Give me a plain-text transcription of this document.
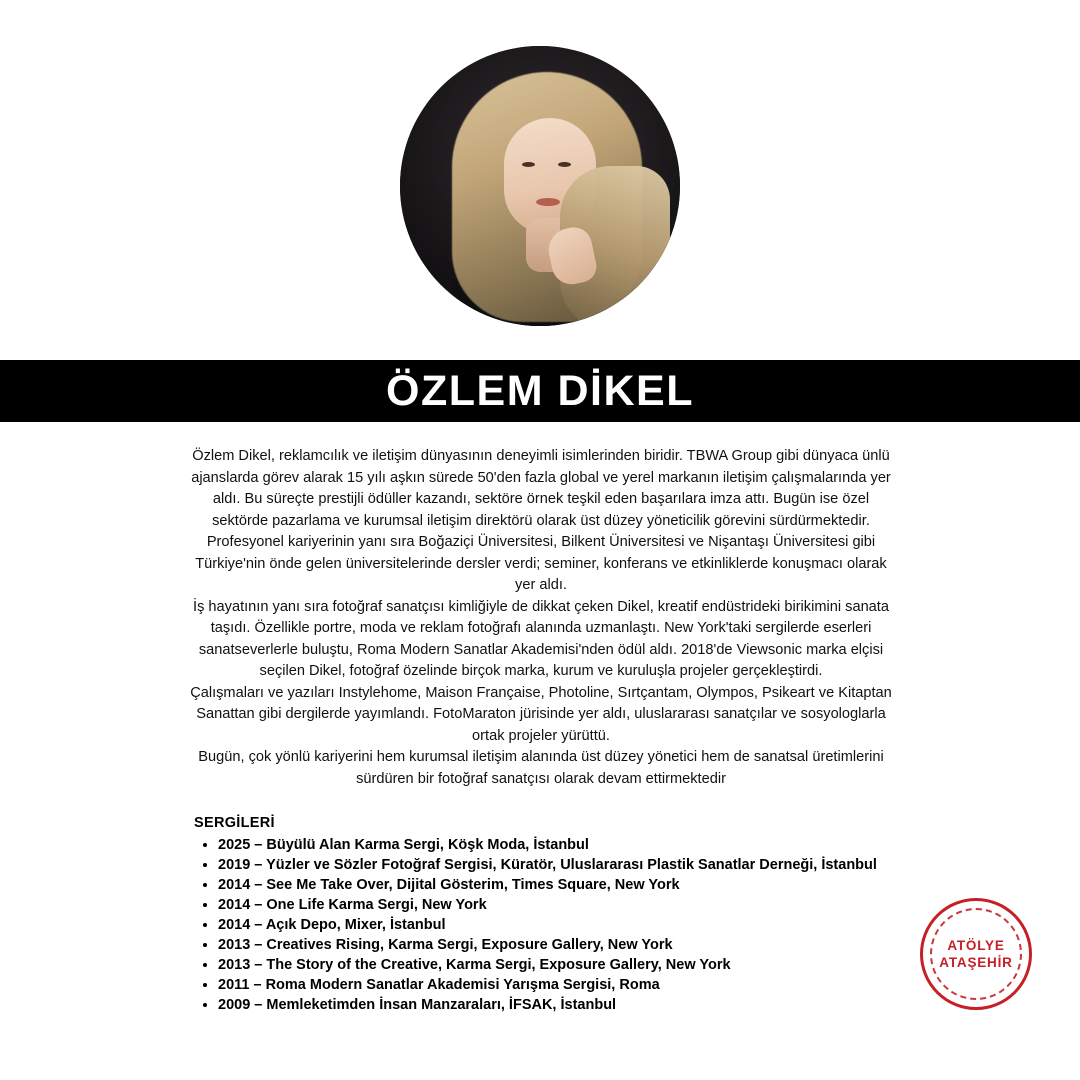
ÖZLEM DİKEL

Özlem Dikel, reklamcılık ve iletişim dünyasının deneyimli isimlerinden biridir. TBWA Group gibi dünyaca ünlü ajanslarda görev alarak 15 yılı aşkın sürede 50'den fazla global ve yerel markanın iletişim çalışmalarında yer aldı. Bu süreçte prestijli ödüller kazandı, sektöre örnek teşkil eden başarılara imza attı. Bugün ise özel sektörde pazarlama ve kurumsal iletişim direktörü olarak üst düzey yöneticilik görevini sürdürmektedir.

Profesyonel kariyerinin yanı sıra Boğaziçi Üniversitesi, Bilkent Üniversitesi ve Nişantaşı Üniversitesi gibi Türkiye'nin önde gelen üniversitelerinde dersler verdi; seminer, konferans ve etkinliklerde konuşmacı olarak yer aldı.

İş hayatının yanı sıra fotoğraf sanatçısı kimliğiyle de dikkat çeken Dikel, kreatif endüstrideki birikimini sanata taşıdı. Özellikle portre, moda ve reklam fotoğrafı alanında uzmanlaştı. New York'taki sergilerde eserleri sanatseverlerle buluştu, Roma Modern Sanatlar Akademisi'nden ödül aldı. 2018'de Viewsonic marka elçisi seçilen Dikel, fotoğraf özelinde birçok marka, kurum ve kuruluşla projeler gerçekleştirdi.

Çalışmaları ve yazıları Instylehome, Maison Française, Photoline, Sırtçantam, Olympos, Psikeart ve Kitaptan Sanattan gibi dergilerde yayımlandı. FotoMaraton jürisinde yer aldı, uluslararası sanatçılar ve sosyologlarla ortak projeler yürüttü.

Bugün, çok yönlü kariyerini hem kurumsal iletişim alanında üst düzey yönetici hem de sanatsal üretimlerini sürdüren bir fotoğraf sanatçısı olarak devam ettirmektedir

SERGİLERİ
• 2025 – Büyülü Alan Karma Sergi, Köşk Moda, İstanbul
• 2019 – Yüzler ve Sözler Fotoğraf Sergisi, Küratör, Uluslararası Plastik Sanatlar Derneği, İstanbul
• 2014 – See Me Take Over, Dijital Gösterim, Times Square, New York
• 2014 – One Life Karma Sergi, New York
• 2014 – Açık Depo, Mixer, İstanbul
• 2013 – Creatives Rising, Karma Sergi, Exposure Gallery, New York
• 2013 – The Story of the Creative, Karma Sergi, Exposure Gallery, New York
• 2011 – Roma Modern Sanatlar Akademisi Yarışma Sergisi, Roma
• 2009 – Memleketimden İnsan Manzaraları, İFSAK, İstanbul
ATÖLYE
ATAŞEHİR
